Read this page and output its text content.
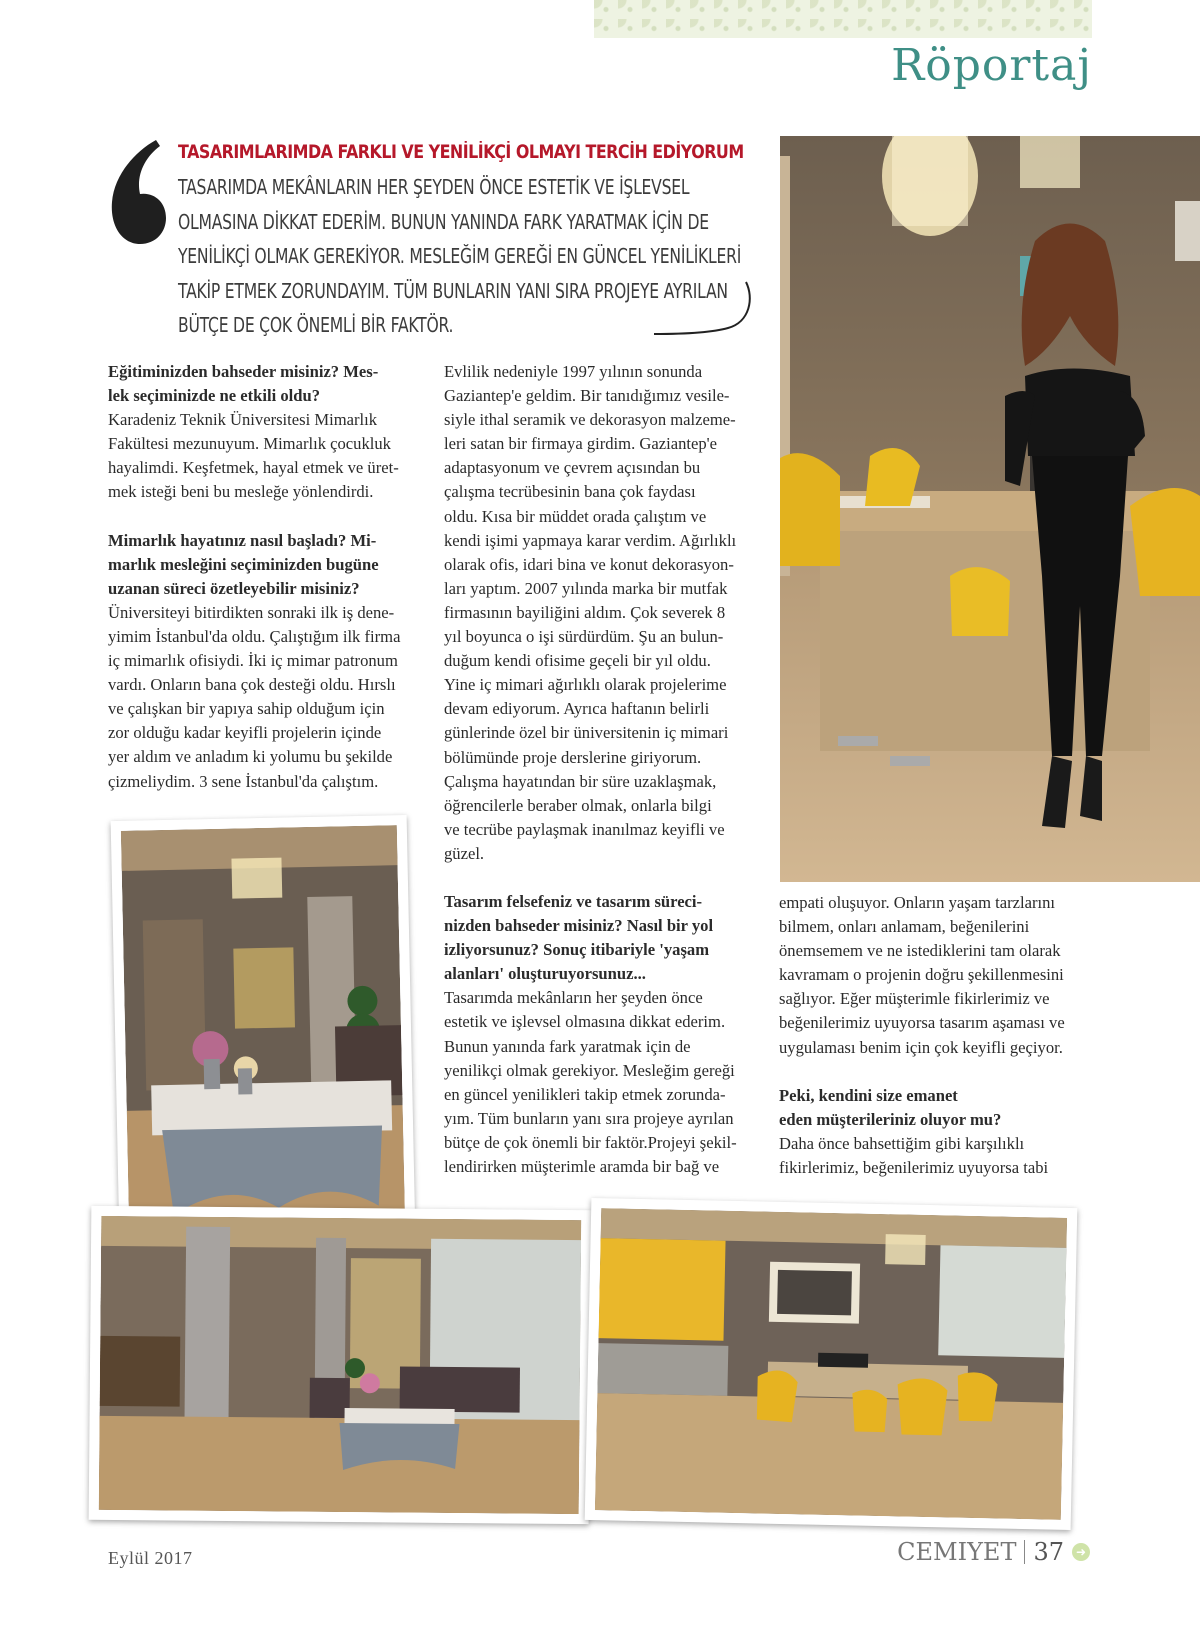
Röportaj
TASARIMLARIMDA FARKLI VE YENİLİKÇİ OLMAYI TERCİH EDİYORUM
TASARIMDA MEKÂNLARIN HER ŞEYDEN ÖNCE ESTETİK VE İŞLEVSEL
OLMASINA DİKKAT EDERİM. BUNUN YANINDA FARK YARATMAK İÇİN DE
YENİLİKÇİ OLMAK GEREKİYOR. MESLEĞİM GEREĞİ EN GÜNCEL YENİLİKLERİ
TAKİP ETMEK ZORUNDAYIM. TÜM BUNLARIN YANI SIRA PROJEYE AYRILAN
BÜTÇE DE ÇOK ÖNEMLİ BİR FAKTÖR.

Eğitiminizden bahseder misiniz? Mes-

lek seçiminizde ne etkili oldu?

Karadeniz Teknik Üniversitesi Mimarlık

Fakültesi mezunuyum. Mimarlık çocukluk

hayalimdi. Keşfetmek, hayal etmek ve üret-

mek isteği beni bu mesleğe yönlendirdi.

Mimarlık hayatınız nasıl başladı? Mi-

marlık mesleğini seçiminizden bugüne

uzanan süreci özetleyebilir misiniz?

Üniversiteyi bitirdikten sonraki ilk iş dene-

yimim İstanbul'da oldu. Çalıştığım ilk firma

iç mimarlık ofisiydi. İki iç mimar patronum

vardı. Onların bana çok desteği oldu. Hırslı

ve çalışkan bir yapıya sahip olduğum için

zor olduğu kadar keyifli projelerin içinde

yer aldım ve anladım ki yolumu bu şekilde

çizmeliydim. 3 sene İstanbul'da çalıştım.

Evlilik nedeniyle 1997 yılının sonunda

Gaziantep'e geldim. Bir tanıdığımız vesile-

siyle ithal seramik ve dekorasyon malzeme-

leri satan bir firmaya girdim. Gaziantep'e

adaptasyonum ve çevrem açısından bu

çalışma tecrübesinin bana çok faydası

oldu. Kısa bir müddet orada çalıştım ve

kendi işimi yapmaya karar verdim. Ağırlıklı

olarak ofis, idari bina ve konut dekorasyon-

ları yaptım. 2007 yılında marka bir mutfak

firmasının bayiliğini aldım. Çok severek 8

yıl boyunca o işi sürdürdüm. Şu an bulun-

duğum kendi ofisime geçeli bir yıl oldu.

Yine iç mimari ağırlıklı olarak projelerime

devam ediyorum. Ayrıca haftanın belirli

günlerinde özel bir üniversitenin iç mimari

bölümünde proje derslerine giriyorum.

Çalışma hayatından bir süre uzaklaşmak,

öğrencilerle beraber olmak, onlarla bilgi

ve tecrübe paylaşmak inanılmaz keyifli ve

güzel.

Tasarım felsefeniz ve tasarım süreci-

nizden bahseder misiniz? Nasıl bir yol

izliyorsunuz? Sonuç itibariyle 'yaşam

alanları' oluşturuyorsunuz...

Tasarımda mekânların her şeyden önce

estetik ve işlevsel olmasına dikkat ederim.

Bunun yanında fark yaratmak için de

yenilikçi olmak gerekiyor. Mesleğim gereği

en güncel yenilikleri takip etmek zorunda-

yım. Tüm bunların yanı sıra projeye ayrılan

bütçe de çok önemli bir faktör.Projeyi şekil-

lendirirken müşterimle aramda bir bağ ve

empati oluşuyor. Onların yaşam tarzlarını

bilmem, onları anlamam, beğenilerini

önemsemem ve ne istediklerini tam olarak

kavramam o projenin doğru şekillenmesini

sağlıyor. Eğer müşterimle fikirlerimiz ve

beğenilerimiz uyuyorsa tasarım aşaması ve

uygulaması benim için çok keyifli geçiyor.

Peki, kendini size emanet

eden müşterileriniz oluyor mu?

Daha önce bahsettiğim gibi karşılıklı

fikirlerimiz, beğenilerimiz uyuyorsa tabi

Eylül 2017	CEMIYET 37 ➜
